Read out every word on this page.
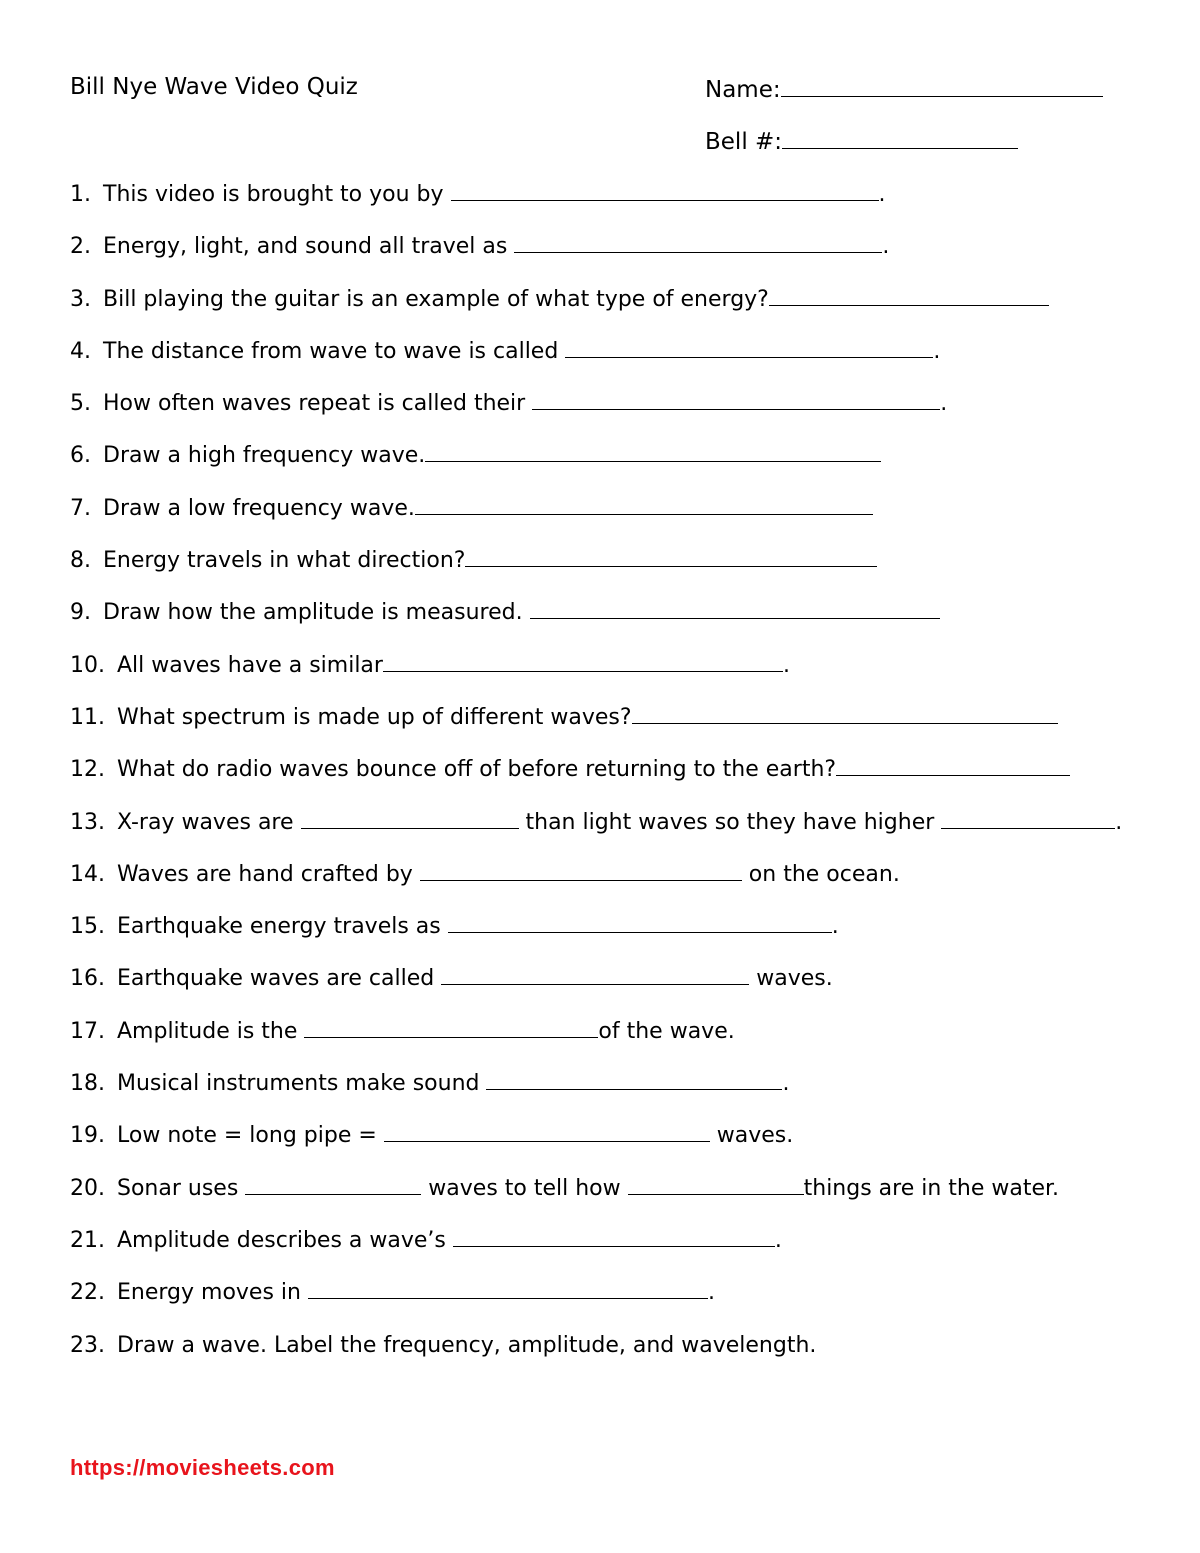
Bill Nye Wave Video Quiz	Name:
Bell #:
1. This video is brought to you by	.
2. Energy, light, and sound all travel as	.
3. Bill playing the guitar is an example of what type of energy?
4. The distance from wave to wave is called	.
5. How often waves repeat is called their	.
6. Draw a high frequency wave.
7. Draw a low frequency wave.
8. Energy travels in what direction?
9. Draw how the amplitude is measured.
10. All waves have a similar	.
11. What spectrum is made up of different waves?
12. What do radio waves bounce off of before returning to the earth?
13. X-ray waves are	than light waves so they have higher	.
14. Waves are hand crafted by	on the ocean.
15. Earthquake energy travels as	.
16. Earthquake waves are called	waves.
17. Amplitude is the	of the wave.
18. Musical instruments make sound	.
19. Low note = long pipe =	waves.
20. Sonar uses	waves to tell how	things are in the water.
21. Amplitude describes a wave’s	.
22. Energy moves in	.
23. Draw a wave. Label the frequency, amplitude, and wavelength.
https://moviesheets.com
